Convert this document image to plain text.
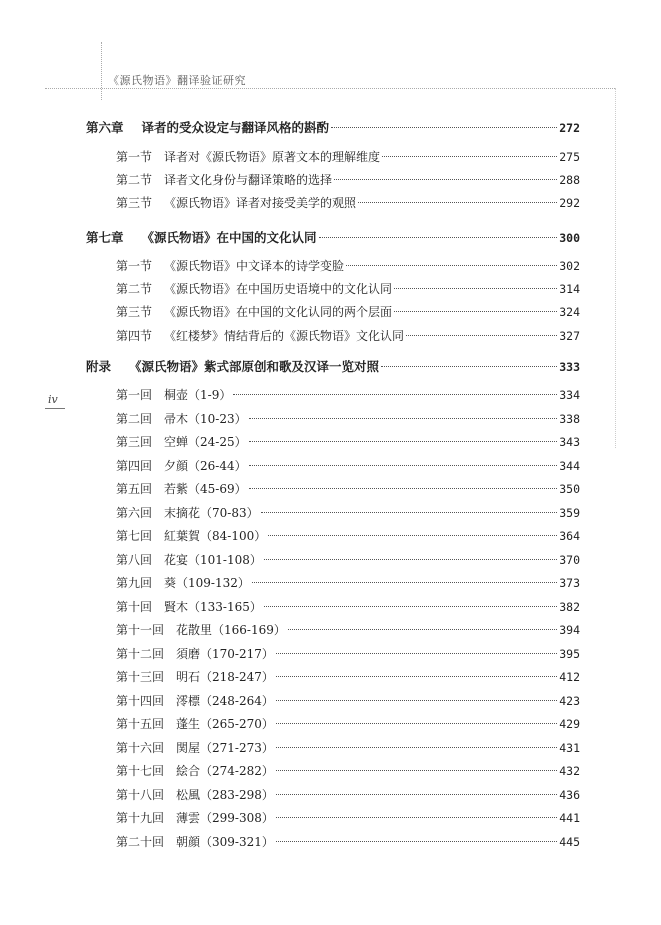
《源氏物语》翻译验证研究
iv
第六章 译者的受众设定与翻译风格的斟酌	272
第一节 译者对《源氏物语》原著文本的理解维度	275
第二节 译者文化身份与翻译策略的选择	288
第三节 《源氏物语》译者对接受美学的观照	292
第七章 《源氏物语》在中国的文化认同	300
第一节 《源氏物语》中文译本的诗学变脸	302
第二节 《源氏物语》在中国历史语境中的文化认同	314
第三节 《源氏物语》在中国的文化认同的两个层面	324
第四节 《红楼梦》情结背后的《源氏物语》文化认同	327
附录 《源氏物语》紫式部原创和歌及汉译一览对照	333
第一回 桐壶（1-9）	334
第二回 帚木（10-23）	338
第三回 空蝉（24-25）	343
第四回 夕顔（26-44）	344
第五回 若紫（45-69）	350
第六回 末摘花（70-83）	359
第七回 紅葉賀（84-100）	364
第八回 花宴（101-108）	370
第九回 葵（109-132）	373
第十回 賢木（133-165）	382
第十一回 花散里（166-169）	394
第十二回 須磨（170-217）	395
第十三回 明石（218-247）	412
第十四回 澪標（248-264）	423
第十五回 蓬生（265-270）	429
第十六回 関屋（271-273）	431
第十七回 絵合（274-282）	432
第十八回 松風（283-298）	436
第十九回 薄雲（299-308）	441
第二十回 朝顔（309-321）	445
